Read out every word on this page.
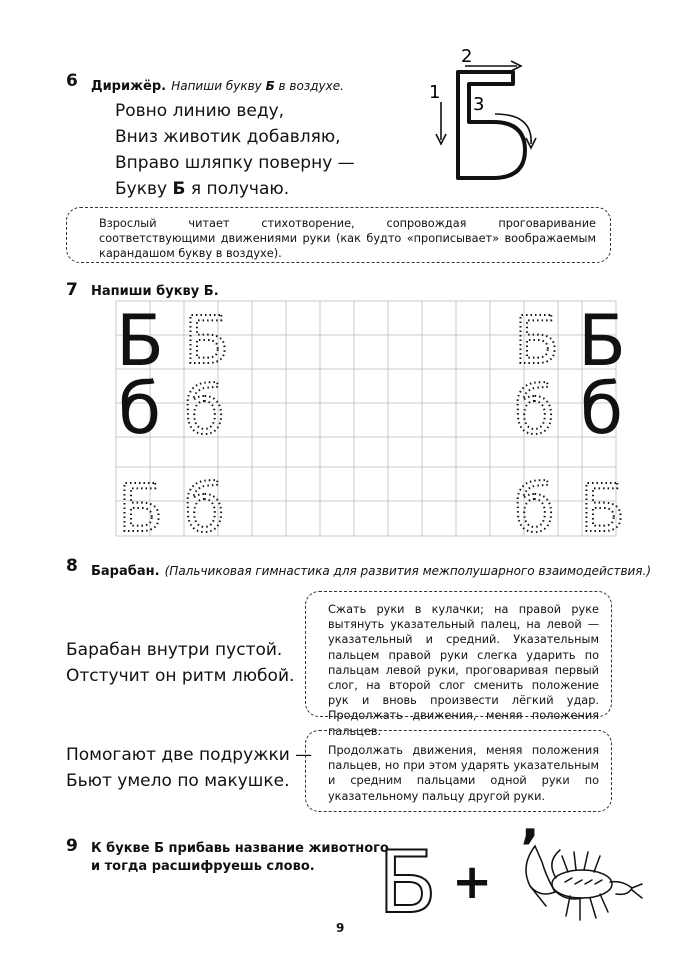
6 Дирижёр. Напиши букву Б в воздухе.
Ровно линию веду,
Вниз животик добавляю,
Вправо шляпку поверну —
Букву Б я получаю.
1
2
3
Взрослый читает стихотворение, сопровождая проговаривание соответствующими движениями руки (как будто «прописывает» воображаемым карандашом букву в воздухе).
7 Напиши букву Б.
Б	Б
б	б
Б б	б Б
Б	Б
б	б
8 Барабан. (Пальчиковая гимнастика для развития межполушарного взаимодействия.)
Барабан внутри пустой.
Отстучит он ритм любой.
Сжать руки в кулачки; на правой руке вытянуть указательный палец, на левой — указательный и средний. Указательным пальцем правой руки слегка ударить по пальцам левой руки, проговаривая первый слог, на второй слог сменить положение рук и вновь произвести лёгкий удар. Продолжать движения, меняя положения пальцев.
Помогают две подружки —
Бьют умело по макушке.
Продолжать движения, меняя положения пальцев, но при этом ударять указательным и средним пальцами одной руки по указательному пальцу другой руки.
9 К букве Б прибавь название животного
и тогда расшифруешь слово. Б +
’
9
